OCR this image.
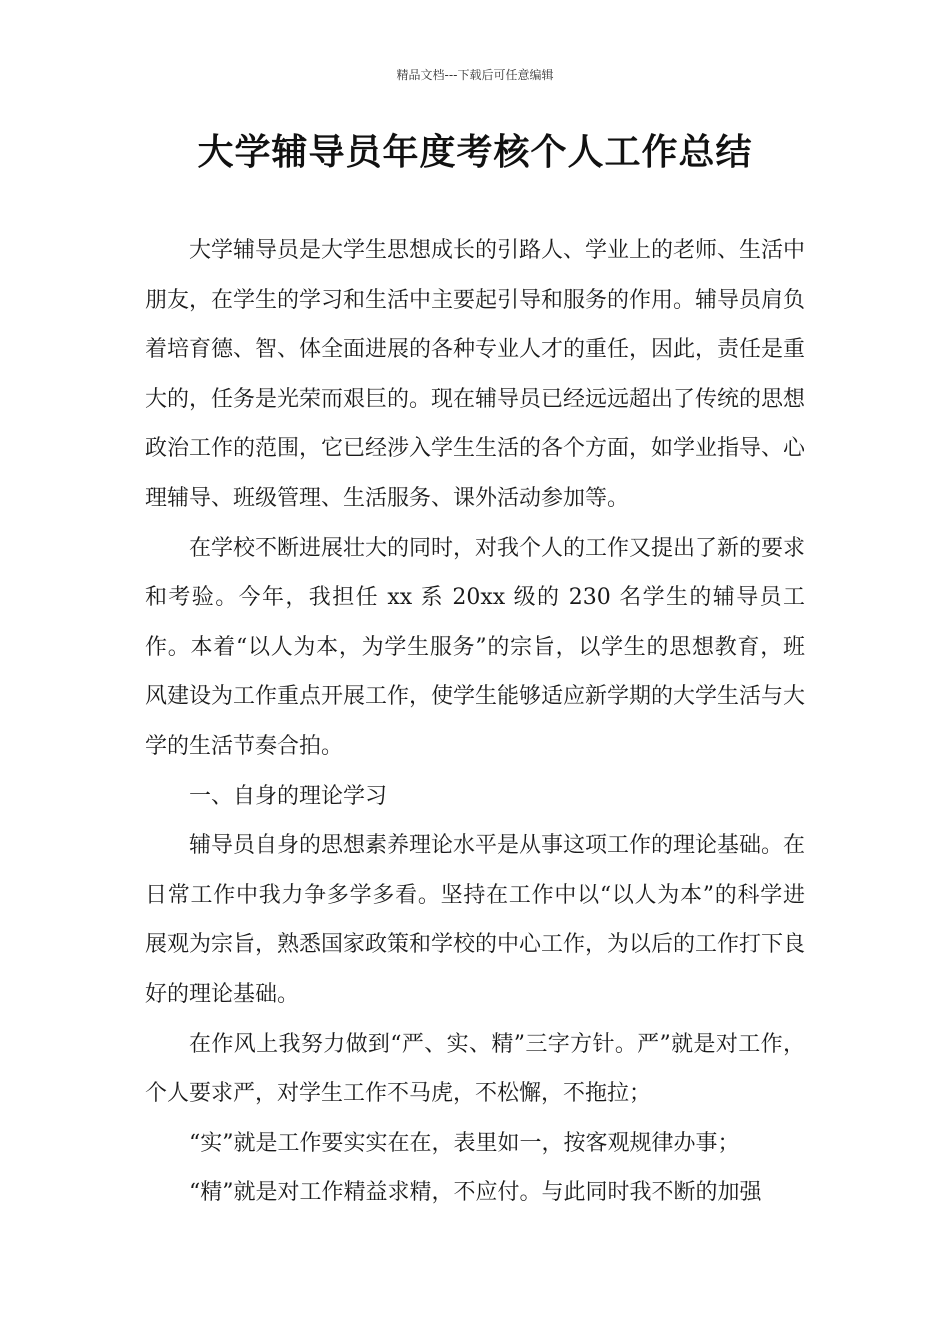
精品文档---下载后可任意编辑
大学辅导员年度考核个人工作总结

大学辅导员是大学生思想成长的引路人、学业上的老师、生活中朋友，在学生的学习和生活中主要起引导和服务的作用。辅导员肩负着培育德、智、体全面进展的各种专业人才的重任，因此，责任是重大的，任务是光荣而艰巨的。现在辅导员已经远远超出了传统的思想政治工作的范围，它已经涉入学生生活的各个方面，如学业指导、心理辅导、班级管理、生活服务、课外活动参加等。

在学校不断进展壮大的同时，对我个人的工作又提出了新的要求和考验。今年，我担任 xx 系 20xx 级的 230 名学生的辅导员工作。本着“以人为本，为学生服务”的宗旨，以学生的思想教育，班风建设为工作重点开展工作，使学生能够适应新学期的大学生活与大学的生活节奏合拍。

一、自身的理论学习

辅导员自身的思想素养理论水平是从事这项工作的理论基础。在日常工作中我力争多学多看。坚持在工作中以“以人为本”的科学进展观为宗旨，熟悉国家政策和学校的中心工作，为以后的工作打下良好的理论基础。

在作风上我努力做到“严、实、精”三字方针。严”就是对工作，个人要求严，对学生工作不马虎，不松懈，不拖拉；

“实”就是工作要实实在在，表里如一，按客观规律办事；

“精”就是对工作精益求精，不应付。与此同时我不断的加强
